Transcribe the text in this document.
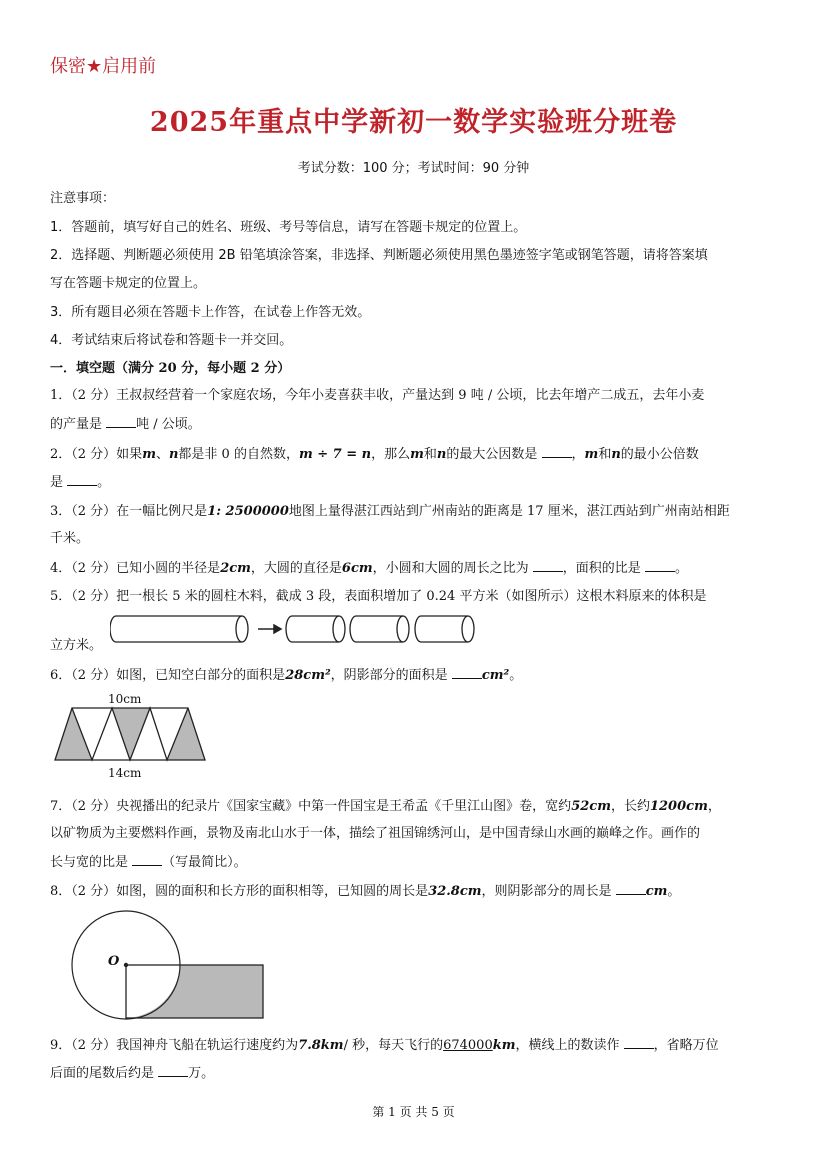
保密★启用前
2025年重点中学新初一数学实验班分班卷
考试分数：100 分；考试时间：90 分钟
注意事项：
1．答题前，填写好自己的姓名、班级、考号等信息，请写在答题卡规定的位置上。
2．选择题、判断题必须使用 2B 铅笔填涂答案，非选择、判断题必须使用黑色墨迹签字笔或钢笔答题，请将答案填
写在答题卡规定的位置上。
3．所有题目必须在答题卡上作答，在试卷上作答无效。
4．考试结束后将试卷和答题卡一并交回。
一．填空题（满分 20 分，每小题 2 分）
1．（2 分）王叔叔经营着一个家庭农场，今年小麦喜获丰收，产量达到 9 吨 / 公顷，比去年增产二成五，去年小麦
的产量是	吨 / 公顷。
2．（2 分）如果m、n都是非 0 的自然数，m ÷ 7 = n，那么m和n的最大公因数是	，m和n的最小公倍数
是	。
3．（2 分）在一幅比例尺是1: 2500000地图上量得湛江西站到广州南站的距离是 17 厘米，湛江西站到广州南站相距
千米。
4．（2 分）已知小圆的半径是2cm，大圆的直径是6cm，小圆和大圆的周长之比为	，面积的比是	。
5．（2 分）把一根长 5 米的圆柱木料，截成 3 段，表面积增加了 0.24 平方米（如图所示）这根木料原来的体积是
立方米。
6．（2 分）如图，已知空白部分的面积是28cm²，阴影部分的面积是	cm²。
10cm
14cm
7．（2 分）央视播出的纪录片《国家宝藏》中第一件国宝是王希孟《千里江山图》卷，宽约52cm，长约1200cm，
以矿物质为主要燃料作画，景物及南北山水于一体，描绘了祖国锦绣河山，是中国青绿山水画的巅峰之作。画作的
长与宽的比是	（写最简比）。
8．（2 分）如图，圆的面积和长方形的面积相等，已知圆的周长是32.8cm，则阴影部分的周长是	cm。
O
9．（2 分）我国神舟飞船在轨运行速度约为7.8km/ 秒，每天飞行的674000km，横线上的数读作	，省略万位
后面的尾数后约是	万。
第 1 页 共 5 页
